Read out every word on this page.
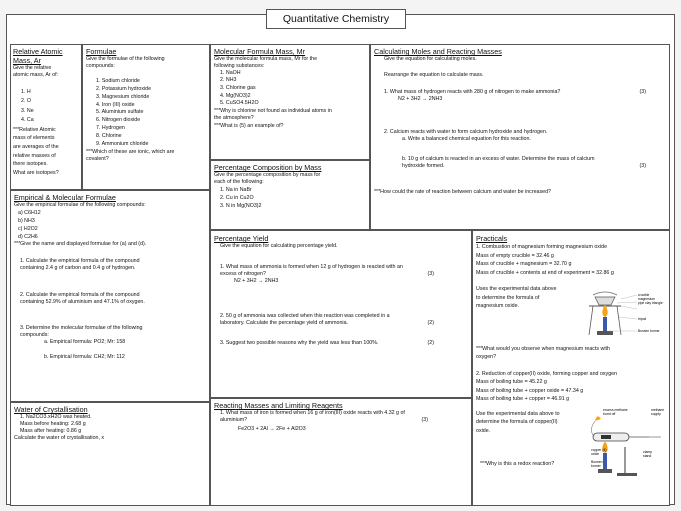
Quantitative Chemistry

Relative Atomic Mass, Ar

Give the relative
atomic mass, Ar of:

1. H

2. O

3. Ne

4. Ca

***Relative Atomic
mass of elements
are averages of the
relative masses of
there isotopes.
What are isotopes?

Formulae

Give the formulae of the following
compounds:

1. Sodium chloride

2. Potassium hydroxide

3. Magnesium chloride

4. Iron (III) oxide

5. Aluminium sulfate

6. Nitrogen dioxide

7. Hydrogen

8. Chlorine

9. Ammonium chloride

***Which of these are ionic, which are
covalent?

Molecular Formula Mass, Mr

Give the molecular formula mass, Mr for the
following substances:

1. NaOH

2. NH3

3. Chlorine gas

4. Mg(NO3)2

5. CuSO4.5H2O

***Why is chlorine not found as individual atoms in
the atmosphere?
***What is (5) an example of?

Percentage Composition by Mass

Give the percentage composition by mass for
each of the following:

1. Na in NaBr

2. Cu in Cu2O

3. N in Mg(NO3)2

Calculating Moles and Reacting Masses

Give the equation for calculating moles.

Rearrange the equation to calculate mass.

1. What mass of hydrogen reacts with 280 g of nitrogen to make ammonia?	(3)

N2 + 3H2 → 2NH3

2. Calcium reacts with water to form calcium hydroxide and hydrogen.

a. Write a balanced chemical equation for this reaction.

b. 10 g of calcium is reacted in an excess of water. Determine the mass of calcium
hydroxide formed.	(3)

***How could the rate of reaction between calcium and water be increased?

Empirical & Molecular Formulae

Give the empirical formulae of the following compounds:

a) C6H12

b) NH3

c) H2O2

d) C2H6

***Give the name and displayed formulae for (a) and (d).

1. Calculate the empirical formula of the compound
containing 2.4 g of carbon and 0.4 g of hydrogen.

2. Calculate the empirical formula of the compound
containing 52.9% of aluminium and 47.1% of oxygen.

3. Determine the molecular formulae of the following
compounds:

a. Empirical formula: PO2; Mr: 158

b. Empirical formula: CH2; Mr: 112

Water of Crystallisation

1. Na2CO3.xH2O was heated.
Mass before heating: 2.68 g
Mass after heating: 0.86 g

Calculate the water of crystallisation, x

Percentage Yield

Give the equation for calculating percentage yield.

1. What mass of ammonia is formed when 12 g of hydrogen is reacted with an
excess of nitrogen?	(3)

N2 + 3H2 → 2NH3

2. 50 g of ammonia was collected when this reaction was completed in a
laboratory. Calculate the percentage yield of ammonia.	(2)

3. Suggest two possible reasons why the yield was less than 100%.	(2)

Reacting Masses and Limiting Reagents

1. What mass of iron is formed when 16 g of iron(III) oxide reacts with 4.32 g of
aluminium?	(3)

Fe2O3 + 2Al → 2Fe + Al2O3

Practicals

1. Combustion of magnesium forming magnesium oxide

Mass of empty crucible = 32.46 g

Mass of crucible + magnesium = 32.70 g

Mass of crucible + contents at end of experiment = 32.86 g

Uses the experimental data above
to determine the formula of
magnesium oxide.

***What would you observe when magnesium reacts with
oxygen?

2. Reduction of copper(II) oxide, forming copper and oxygen

Mass of boiling tube = 45.22 g

Mass of boiling tube + copper oxide = 47.34 g

Mass of boiling tube + copper = 46.91 g

Use the experimental data above to
determine the formula of copper(II)
oxide.

***Why is this a redox reaction?

crucible
magnesium
pipe clay triangle
tripod
Bunsen burner
excess methane burnt off
methane supply
copper (II) oxide	clamp stand
Bunsen burner
